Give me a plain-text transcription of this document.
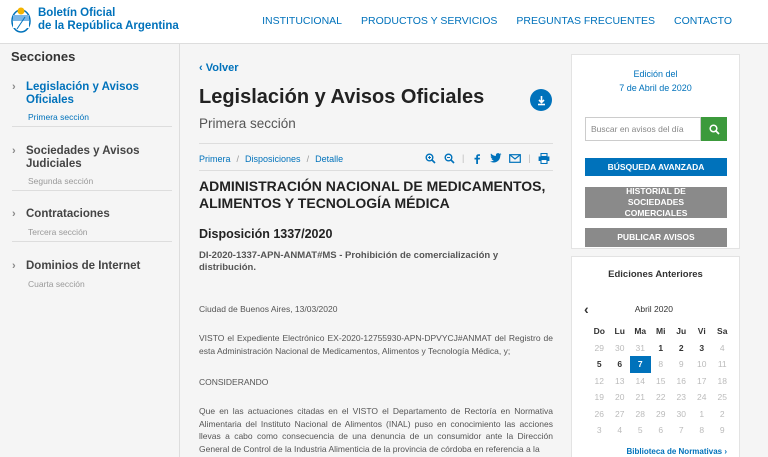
Boletín Oficial
de la República Argentina	INSTITUCIONAL PRODUCTOS Y SERVICIOS PREGUNTAS FRECUENTES CONTACTO
Secciones
› Legislación y Avisos Oficiales
Primera sección
› Sociedades y Avisos Judiciales
Segunda sección
› Contrataciones
Tercera sección
› Dominios de Internet
Cuarta sección
‹ Volver
Legislación y Avisos Oficiales
Primera sección
Primera / Disposiciones / Detalle	|	|
ADMINISTRACIÓN NACIONAL DE MEDICAMENTOS, ALIMENTOS Y TECNOLOGÍA MÉDICA
Disposición 1337/2020
DI-2020-1337-APN-ANMAT#MS - Prohibición de comercialización y distribución.
Ciudad de Buenos Aires, 13/03/2020
VISTO el Expediente Electrónico EX-2020-12755930-APN-DPVYCJ#ANMAT del Registro de esta Administración Nacional de Medicamentos, Alimentos y Tecnología Médica, y;
CONSIDERANDO
Que en las actuaciones citadas en el VISTO el Departamento de Rectoría en Normativa Alimentaria del Instituto Nacional de Alimentos (INAL) puso en conocimiento las acciones llevas a cabo como consecuencia de una denuncia de un consumidor ante la Dirección General de Control de la Industria Alimenticia de la provincia de córdoba en referencia a la
Edición del
7 de Abril de 2020
Buscar en avisos del día
BÚSQUEDA AVANZADA
HISTORIAL DE SOCIEDADES COMERCIALES
PUBLICAR AVISOS
Ediciones Anteriores
‹	Abril 2020
Do	Lu	Ma	Mi	Ju	Vi	Sa
29	30	31	1	2	3	4
5	6	7	8	9	10	11
12	13	14	15	16	17	18
19	20	21	22	23	24	25
26	27	28	29	30	1	2
3	4	5	6	7	8	9
Biblioteca de Normativas ›
